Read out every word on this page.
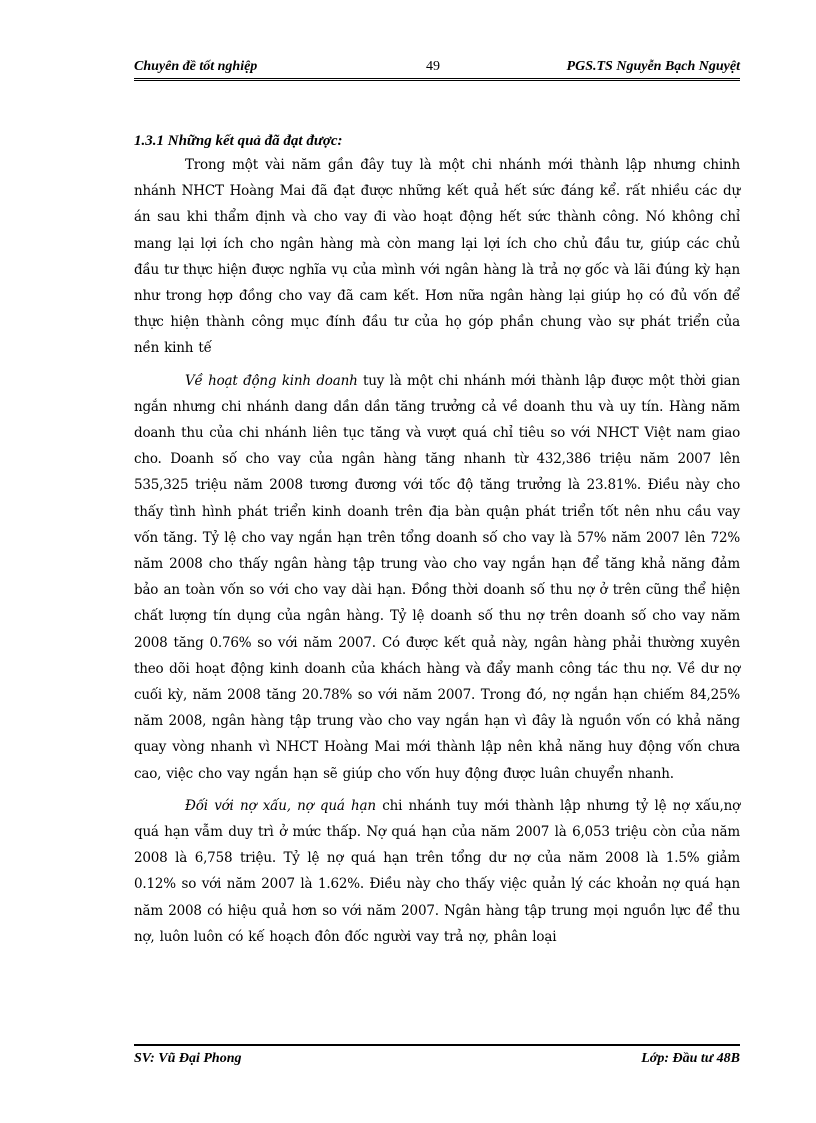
Chuyên đề tốt nghiệp	49	PGS.TS Nguyễn Bạch Nguyệt

1.3.1 Những kết quả đã đạt được:

Trong một vài năm gần đây tuy là một chi nhánh mới thành lập nhưng chinh nhánh NHCT Hoàng Mai đã đạt được những kết quả hết sức đáng kể. rất nhiều các dự án sau khi thẩm định và cho vay đi vào hoạt động hết sức thành công. Nó không chỉ mang lại lợi ích cho ngân hàng mà còn mang lại lợi ích cho chủ đầu tư, giúp các chủ đầu tư thực hiện được nghĩa vụ của mình với ngân hàng là trả nợ gốc và lãi đúng kỳ hạn như trong hợp đồng cho vay đã cam kết. Hơn nữa ngân hàng lại giúp họ có đủ vốn để thực hiện thành công mục đính đầu tư của họ góp phần chung vào sự phát triển của nền kinh tế

Về hoạt động kinh doanh tuy là một chi nhánh mới thành lập được một thời gian ngắn nhưng chi nhánh dang dần dần tăng trưởng cả về doanh thu và uy tín. Hàng năm doanh thu của chi nhánh liên tục tăng và vượt quá chỉ tiêu so với NHCT Việt nam giao cho. Doanh số cho vay của ngân hàng tăng nhanh từ 432,386 triệu năm 2007 lên 535,325 triệu năm 2008 tương đương với tốc độ tăng trưởng là 23.81%. Điều này cho thấy tình hình phát triển kinh doanh trên địa bàn quận phát triển tốt nên nhu cầu vay vốn tăng. Tỷ lệ cho vay ngắn hạn trên tổng doanh số cho vay là 57% năm 2007 lên 72% năm 2008 cho thấy ngân hàng tập trung vào cho vay ngắn hạn để tăng khả năng đảm bảo an toàn vốn so với cho vay dài hạn. Đồng thời doanh số thu nợ ở trên cũng thể hiện chất lượng tín dụng của ngân hàng. Tỷ lệ doanh số thu nợ trên doanh số cho vay năm 2008 tăng 0.76% so với năm 2007. Có được kết quả này, ngân hàng phải thường xuyên theo dõi hoạt động kinh doanh của khách hàng và đẩy manh công tác thu nợ. Về dư nợ cuối kỳ, năm 2008 tăng 20.78% so với năm 2007. Trong đó, nợ ngắn hạn chiếm 84,25% năm 2008, ngân hàng tập trung vào cho vay ngắn hạn vì đây là nguồn vốn có khả năng quay vòng nhanh vì NHCT Hoàng Mai mới thành lập nên khả năng huy động vốn chưa cao, việc cho vay ngắn hạn sẽ giúp cho vốn huy động được luân chuyển nhanh.

Đối với nợ xấu, nợ quá hạn chi nhánh tuy mới thành lập nhưng tỷ lệ nợ xấu,nợ quá hạn vẫm duy trì ở mức thấp. Nợ quá hạn của năm 2007 là 6,053 triệu còn của năm 2008 là 6,758 triệu. Tỷ lệ nợ quá hạn trên tổng dư nợ của năm 2008 là 1.5% giảm 0.12% so với năm 2007 là 1.62%. Điều này cho thấy việc quản lý các khoản nợ quá hạn năm 2008 có hiệu quả hơn so với năm 2007. Ngân hàng tập trung mọi nguồn lực để thu nợ, luôn luôn có kế hoạch đôn đốc người vay trả nợ, phân loại

SV: Vũ Đại Phong	Lớp: Đầu tư 48B
